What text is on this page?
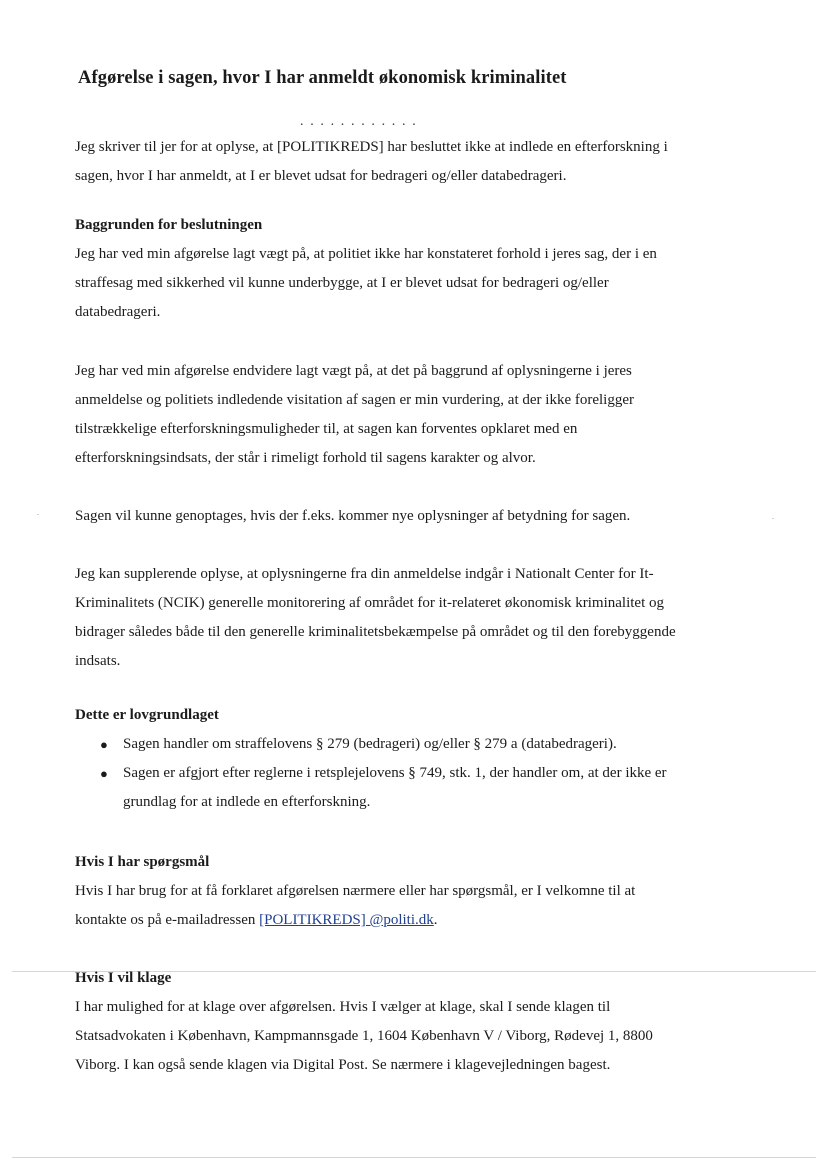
Afgørelse i sagen, hvor I har anmeldt økonomisk kriminalitet
. . . . . . . . . . . .
Jeg skriver til jer for at oplyse, at [POLITIKREDS] har besluttet ikke at indlede en efterforskning i
sagen, hvor I har anmeldt, at I er blevet udsat for bedrageri og/eller databedrageri.
Baggrunden for beslutningen
Jeg har ved min afgørelse lagt vægt på, at politiet ikke har konstateret forhold i jeres sag, der i en
straffesag med sikkerhed vil kunne underbygge, at I er blevet udsat for bedrageri og/eller
databedrageri.
Jeg har ved min afgørelse endvidere lagt vægt på, at det på baggrund af oplysningerne i jeres
anmeldelse og politiets indledende visitation af sagen er min vurdering, at der ikke foreligger
tilstrækkelige efterforskningsmuligheder til, at sagen kan forventes opklaret med en
efterforskningsindsats, der står i rimeligt forhold til sagens karakter og alvor.
Sagen vil kunne genoptages, hvis der f.eks. kommer nye oplysninger af betydning for sagen.
Jeg kan supplerende oplyse, at oplysningerne fra din anmeldelse indgår i Nationalt Center for It-
Kriminalitets (NCIK) generelle monitorering af området for it-relateret økonomisk kriminalitet og
bidrager således både til den generelle kriminalitetsbekæmpelse på området og til den forebyggende
indsats.
Dette er lovgrundlaget
● Sagen handler om straffelovens § 279 (bedrageri) og/eller § 279 a (databedrageri).
● Sagen er afgjort efter reglerne i retsplejelovens § 749, stk. 1, der handler om, at der ikke er
grundlag for at indlede en efterforskning.
Hvis I har spørgsmål
Hvis I har brug for at få forklaret afgørelsen nærmere eller har spørgsmål, er I velkomne til at
kontakte os på e-mailadressen [POLITIKREDS] @politi.dk.
Hvis I vil klage
I har mulighed for at klage over afgørelsen. Hvis I vælger at klage, skal I sende klagen til
Statsadvokaten i København, Kampmannsgade 1, 1604 København V / Viborg, Rødevej 1, 8800
Viborg. I kan også sende klagen via Digital Post. Se nærmere i klagevejledningen bagest.
